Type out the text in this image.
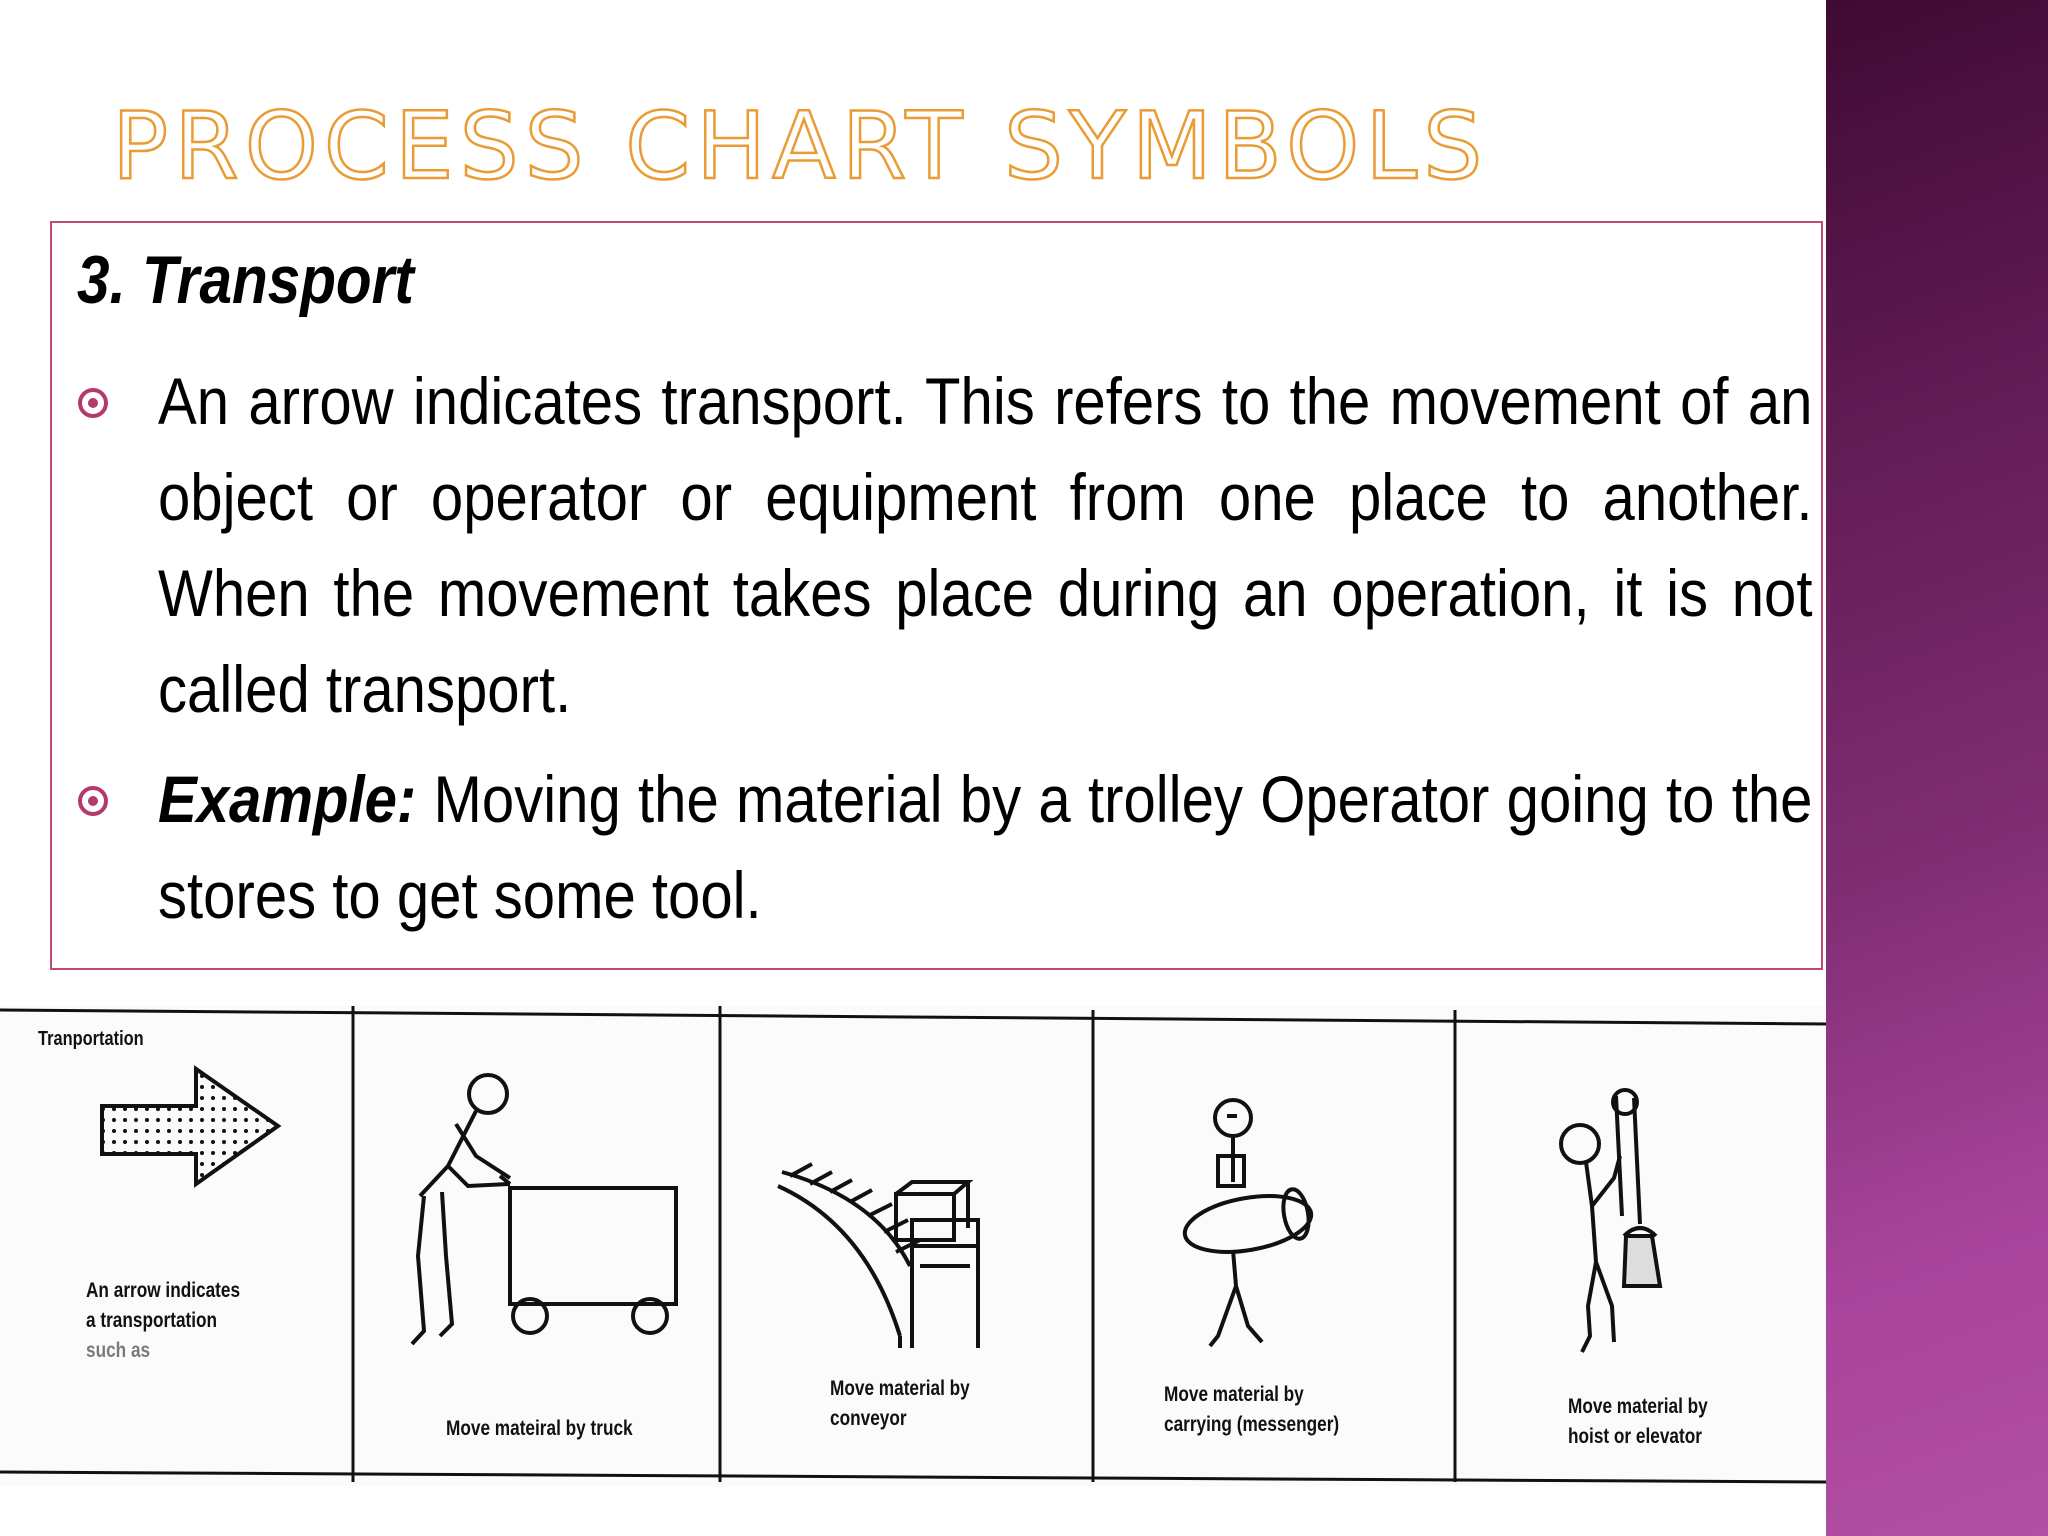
PROCESS CHART SYMBOLS
3. Transport

An arrow indicates transport. This refers to the movement of an object or operator or equipment from one place to another. When the movement takes place during an operation, it is not called transport.

Example: Moving the material by a trolley Operator going to the stores to get some tool.

Tranportation
An arrow indicates
a transportation
such as
Move mateiral by truck
Move material by
conveyor
Move material by
carrying (messenger)
Move material by
hoist or elevator
